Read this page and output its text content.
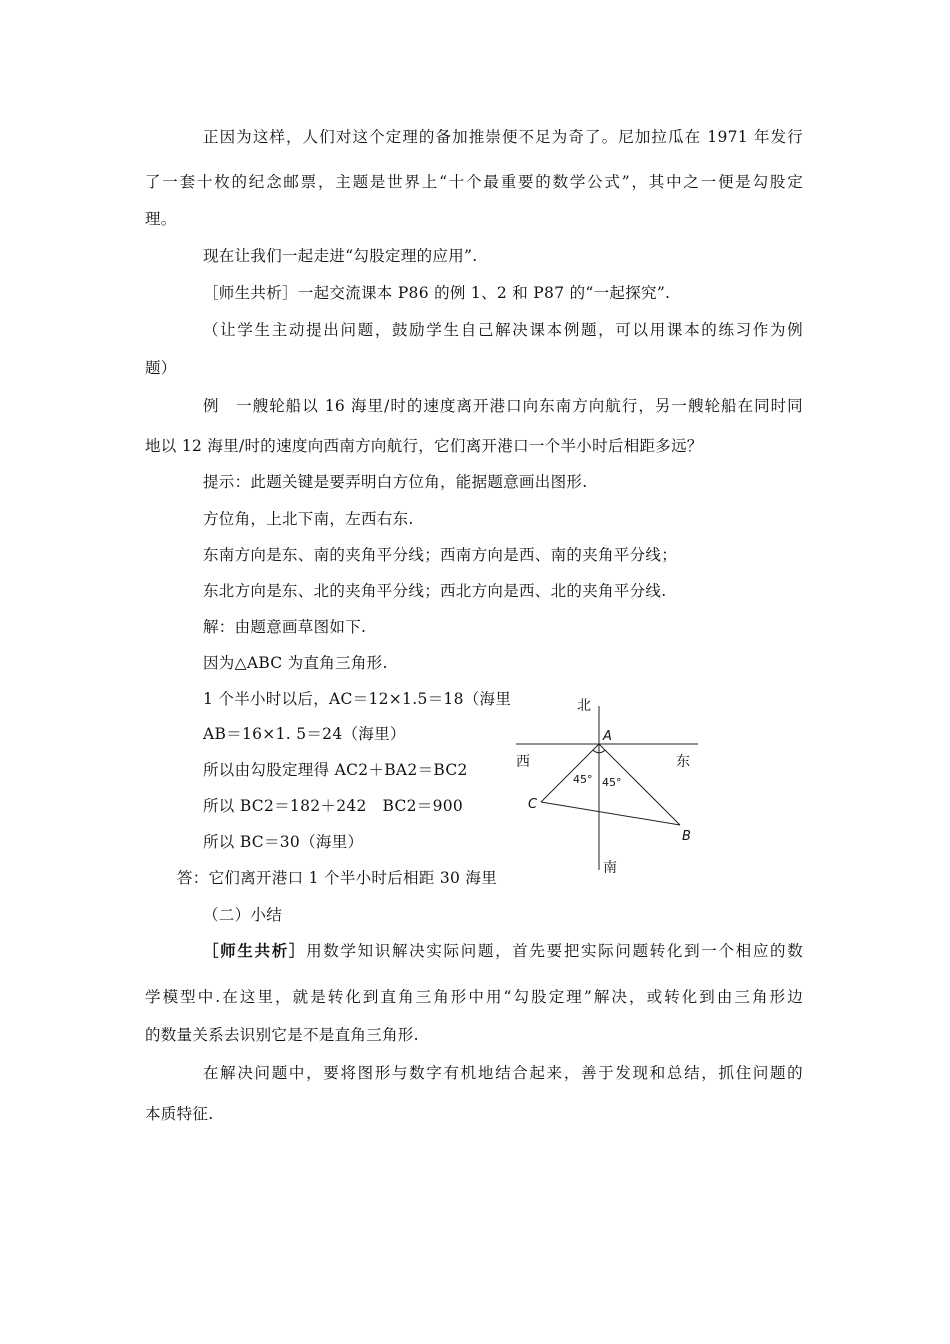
正因为这样，人们对这个定理的备加推崇便不足为奇了。尼加拉瓜在 1971 年发行
了一套十枚的纪念邮票，主题是世界上“十个最重要的数学公式”，其中之一便是勾股定
理。
现在让我们一起走进“勾股定理的应用”.
［师生共析］一起交流课本 P86 的例 1、2 和 P87 的“一起探究”.
（让学生主动提出问题，鼓励学生自己解决课本例题，可以用课本的练习作为例
题）
例　一艘轮船以 16 海里/时的速度离开港口向东南方向航行，另一艘轮船在同时同
地以 12 海里/时的速度向西南方向航行，它们离开港口一个半小时后相距多远？
提示：此题关键是要弄明白方位角，能据题意画出图形.
方位角，上北下南，左西右东.
东南方向是东、南的夹角平分线；西南方向是西、南的夹角平分线；
东北方向是东、北的夹角平分线；西北方向是西、北的夹角平分线.
解：由题意画草图如下.
因为△ABC 为直角三角形.
1 个半小时以后，AC＝12×1.5＝18（海里
AB＝16×1. 5＝24（海里）
所以由勾股定理得 AC2＋BA2＝BC2
所以 BC2＝182＋242　BC2＝900
所以 BC＝30（海里）
答：它们离开港口 1 个半小时后相距 30 海里
北
南
西	东
A
B
C
45° 45°
（二）小结
［师生共析］用数学知识解决实际问题，首先要把实际问题转化到一个相应的数
学模型中.在这里，就是转化到直角三角形中用“勾股定理”解决，或转化到由三角形边
的数量关系去识别它是不是直角三角形.
在解决问题中，要将图形与数字有机地结合起来，善于发现和总结，抓住问题的
本质特征.
